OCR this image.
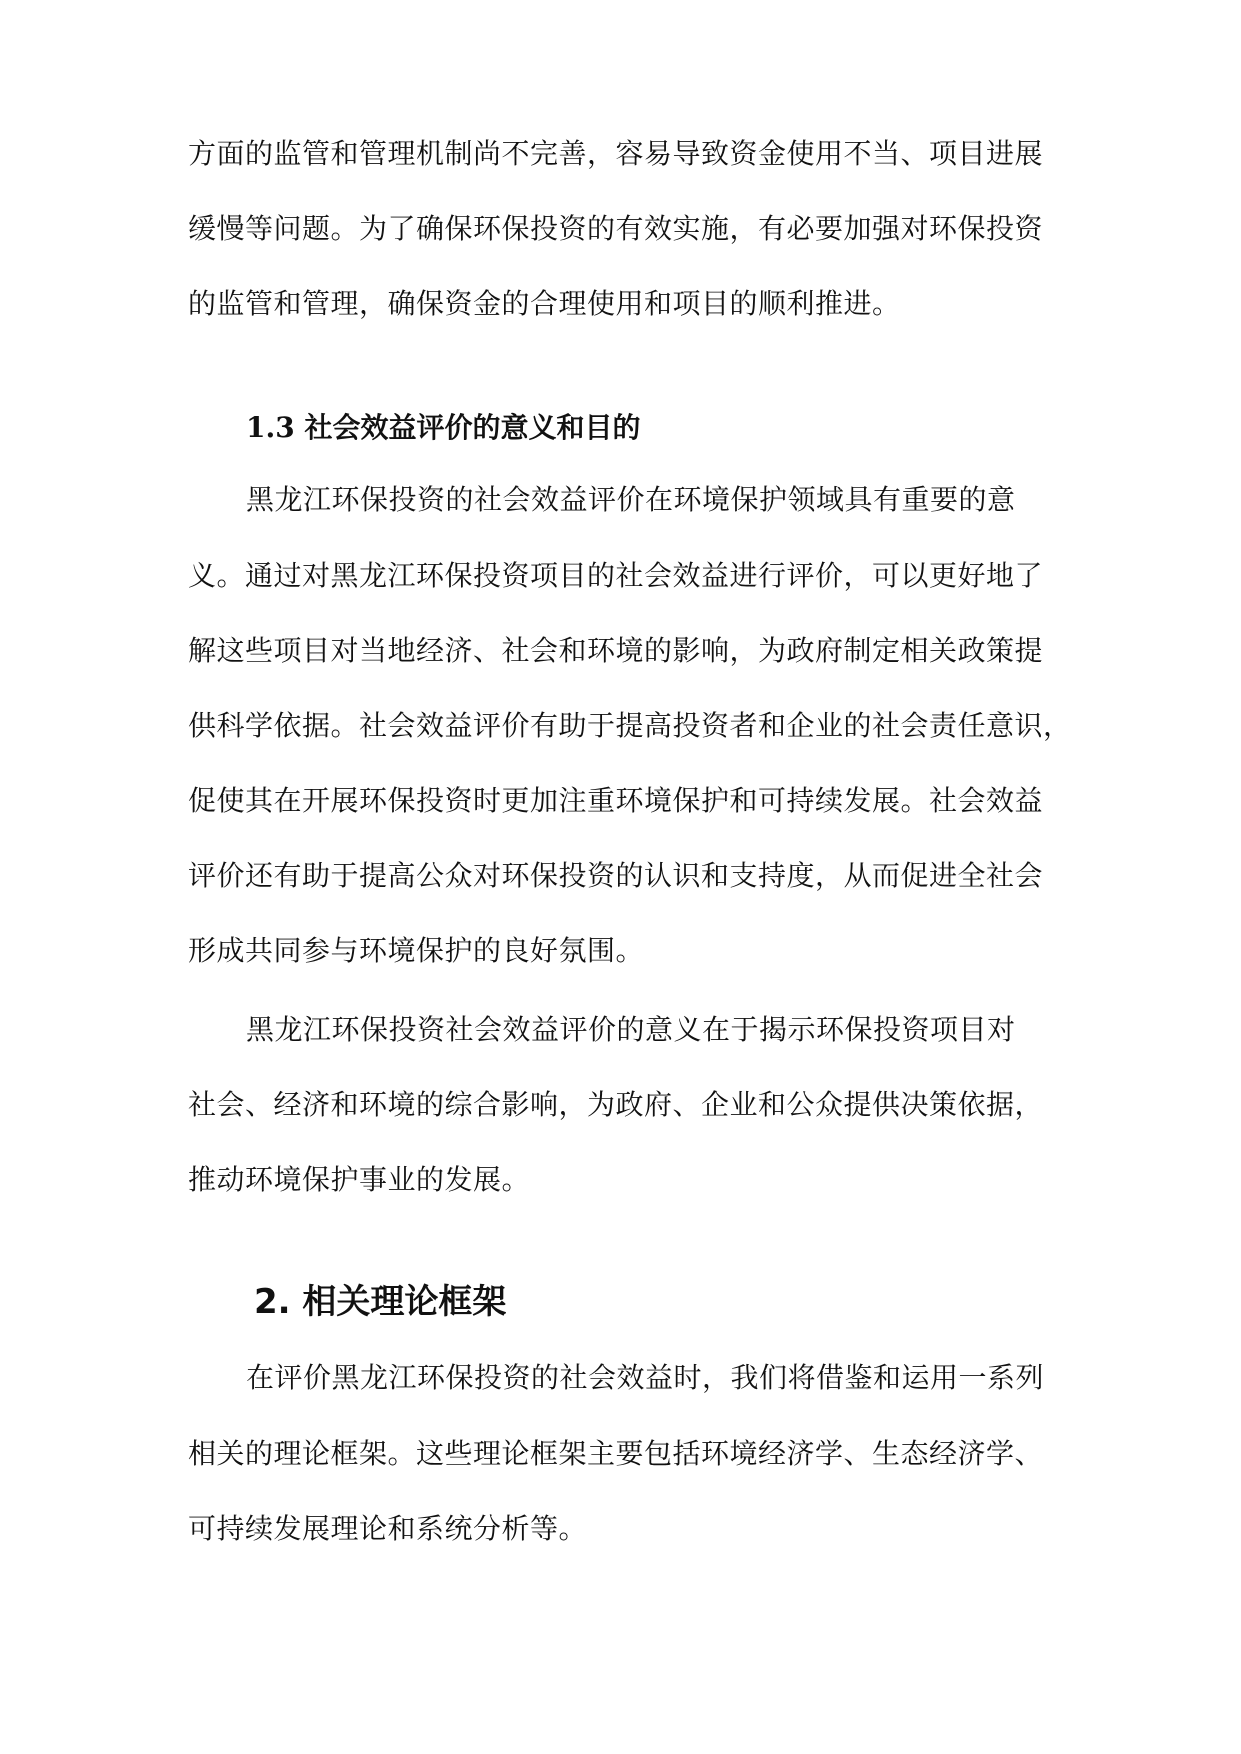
方面的监管和管理机制尚不完善，容易导致资金使用不当、项目进展
缓慢等问题。为了确保环保投资的有效实施，有必要加强对环保投资
的监管和管理，确保资金的合理使用和项目的顺利推进。
1.3 社会效益评价的意义和目的
黑龙江环保投资的社会效益评价在环境保护领域具有重要的意
义。通过对黑龙江环保投资项目的社会效益进行评价，可以更好地了
解这些项目对当地经济、社会和环境的影响，为政府制定相关政策提
供科学依据。社会效益评价有助于提高投资者和企业的社会责任意识，
促使其在开展环保投资时更加注重环境保护和可持续发展。社会效益
评价还有助于提高公众对环保投资的认识和支持度，从而促进全社会
形成共同参与环境保护的良好氛围。
黑龙江环保投资社会效益评价的意义在于揭示环保投资项目对
社会、经济和环境的综合影响，为政府、企业和公众提供决策依据，
推动环境保护事业的发展。
2. 相关理论框架
在评价黑龙江环保投资的社会效益时，我们将借鉴和运用一系列
相关的理论框架。这些理论框架主要包括环境经济学、生态经济学、
可持续发展理论和系统分析等。
